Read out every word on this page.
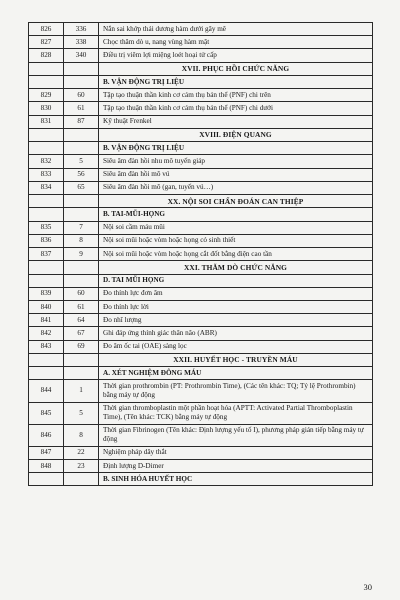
826	336	Nắn sai khớp thái dương hàm dưới gây mê
827	338	Chọc thăm dò u, nang vùng hàm mặt
828	340	Điều trị viêm lợi miệng loét hoại tử cấp
		XVII. PHỤC HỒI CHỨC NĂNG
		B. VẬN ĐỘNG TRỊ LIỆU
829	60	Tập tạo thuận thần kinh cơ cảm thụ bản thể (PNF) chi trên
830	61	Tập tạo thuận thần kinh cơ cảm thụ bản thể (PNF) chi dưới
831	87	Kỹ thuật Frenkel
		XVIII. ĐIỆN QUANG
		B. VẬN ĐỘNG TRỊ LIỆU
832	5	Siêu âm đàn hồi nhu mô tuyến giáp
833	56	Siêu âm đàn hồi mô vú
834	65	Siêu âm đàn hồi mô (gan, tuyến vú…)
		XX. NỘI SOI CHẨN ĐOÁN CAN THIỆP
		B. TAI-MŨI-HỌNG
835	7	Nội soi cầm máu mũi
836	8	Nội soi mũi hoặc vòm hoặc họng có sinh thiết
837	9	Nội soi mũi hoặc vòm hoặc họng cắt đốt bằng điện cao tần
		XXI. THĂM DÒ CHỨC NĂNG
		D. TAI MŨI HỌNG
839	60	Đo thính lực đơn âm
840	61	Đo thính lực lời
841	64	Đo nhĩ lượng
842	67	Ghi đáp ứng thính giác thân não (ABR)
843	69	Đo âm ốc tai (OAE) sàng lọc
		XXII. HUYẾT HỌC - TRUYỀN MÁU
		A. XÉT NGHIỆM ĐÔNG MÁU
844	1	Thời gian prothrombin (PT: Prothrombin Time), (Các tên khác: TQ; Tỷ lệ Prothrombin) bằng máy tự động
845	5	Thời gian thromboplastin một phần hoạt hóa (APTT: Activated Partial Thromboplastin Time), (Tên khác: TCK) bằng máy tự động
846	8	Thời gian Fibrinogen (Tên khác: Định lượng yếu tố I), phương pháp gián tiếp bằng máy tự động
847	22	Nghiệm pháp dây thắt
848	23	Định lượng D-Dimer
		B. SINH HÓA HUYẾT HỌC
30
